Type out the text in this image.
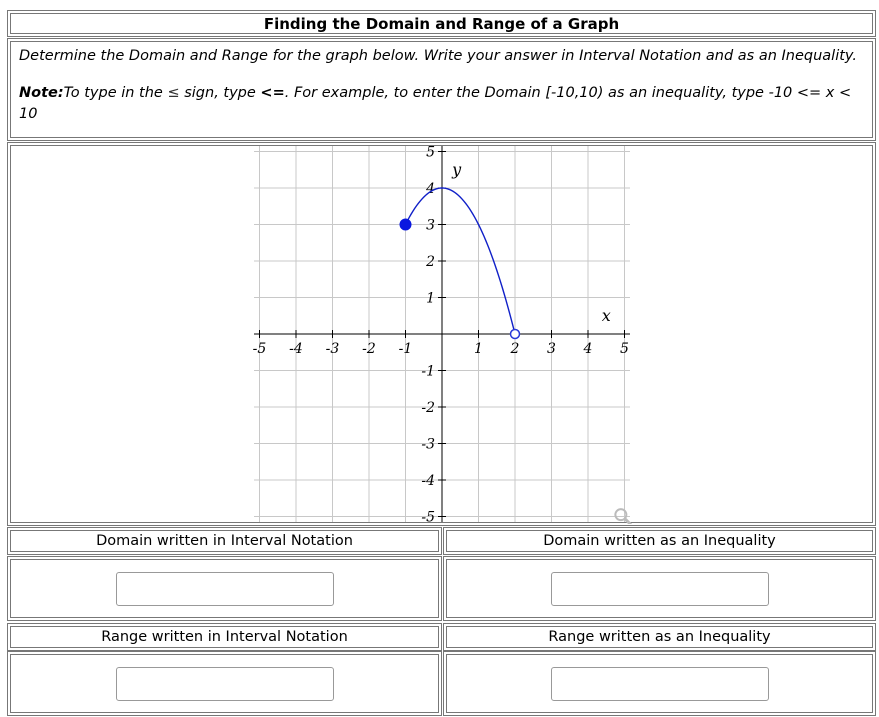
Finding the Domain and Range of a Graph

Determine the Domain and Range for the graph below. Write your answer in Interval Notation and as an Inequality.

Note:To type in the ≤ sign, type <=. For example, to enter the Domain [-10,10) as an inequality, type -10 <= x < 10

-5 -4 -3 -2 -1	1 2 3 4 5
5
4
3
2
1
-1
-2
-3
-4
-5
x
y
Domain written in Interval Notation	Domain written as an Inequality
Range written in Interval Notation	Range written as an Inequality
